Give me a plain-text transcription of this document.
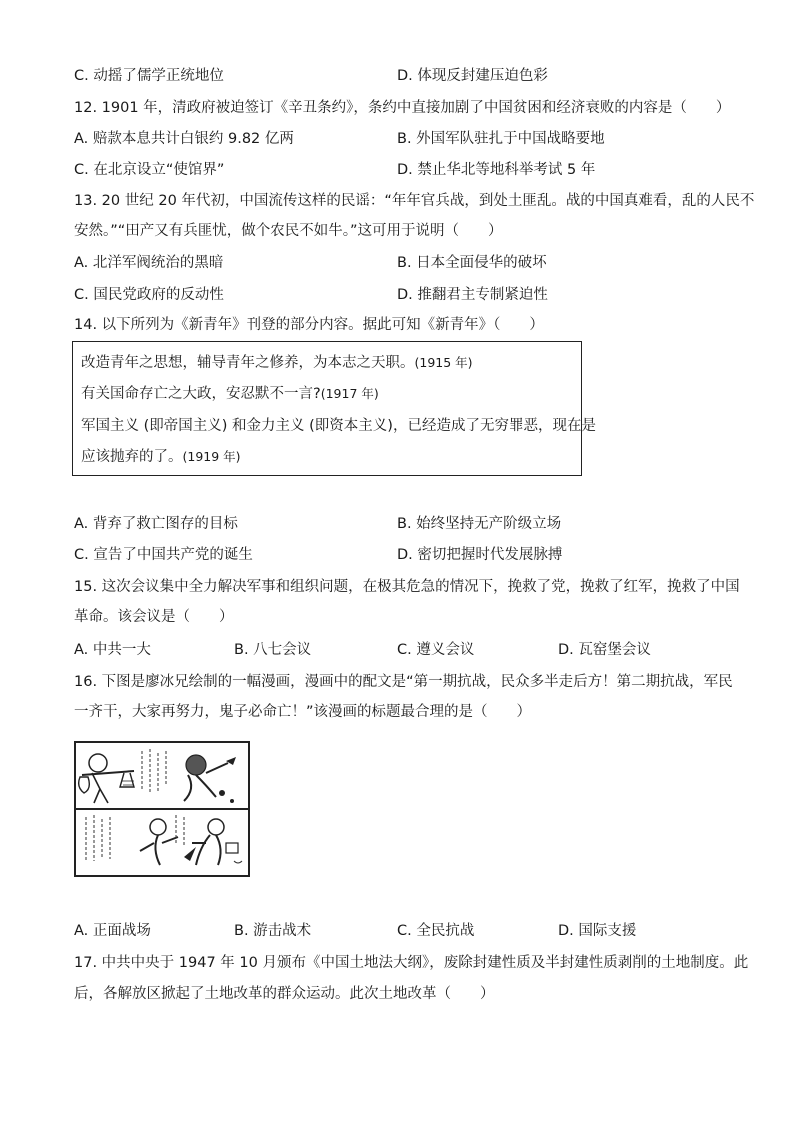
C. 动摇了儒学正统地位	D. 体现反封建压迫色彩
12. 1901 年，清政府被迫签订《辛丑条约》，条约中直接加剧了中国贫困和经济衰败的内容是（　　）
A. 赔款本息共计白银约 9.82 亿两	B. 外国军队驻扎于中国战略要地
C. 在北京设立“使馆界”	D. 禁止华北等地科举考试 5 年
13. 20 世纪 20 年代初，中国流传这样的民谣：“年年官兵战，到处土匪乱。战的中国真难看，乱的人民不
安然。”“田产又有兵匪忧，做个农民不如牛。”这可用于说明（　　）
A. 北洋军阀统治的黑暗	B. 日本全面侵华的破坏
C. 国民党政府的反动性	D. 推翻君主专制紧迫性
14. 以下所列为《新青年》刊登的部分内容。据此可知《新青年》（　　）
改造青年之思想，辅导青年之修养，为本志之天职。(1915 年)
有关国命存亡之大政，安忍默不一言?(1917 年)
军国主义 (即帝国主义) 和金力主义 (即资本主义)，已经造成了无穷罪恶，现在是
应该抛弃的了。(1919 年)
A. 背弃了救亡图存的目标	B. 始终坚持无产阶级立场
C. 宣告了中国共产党的诞生	D. 密切把握时代发展脉搏
15. 这次会议集中全力解决军事和组织问题，在极其危急的情况下，挽救了党，挽救了红军，挽救了中国
革命。该会议是（　　）
A. 中共一大	B. 八七会议	C. 遵义会议	D. 瓦窑堡会议
16. 下图是廖冰兄绘制的一幅漫画，漫画中的配文是“第一期抗战，民众多半走后方！第二期抗战，军民
一齐干，大家再努力，鬼子必命亡！”该漫画的标题最合理的是（　　）
A. 正面战场	B. 游击战术	C. 全民抗战	D. 国际支援
17. 中共中央于 1947 年 10 月颁布《中国土地法大纲》，废除封建性质及半封建性质剥削的土地制度。此
后，各解放区掀起了土地改革的群众运动。此次土地改革（　　）
